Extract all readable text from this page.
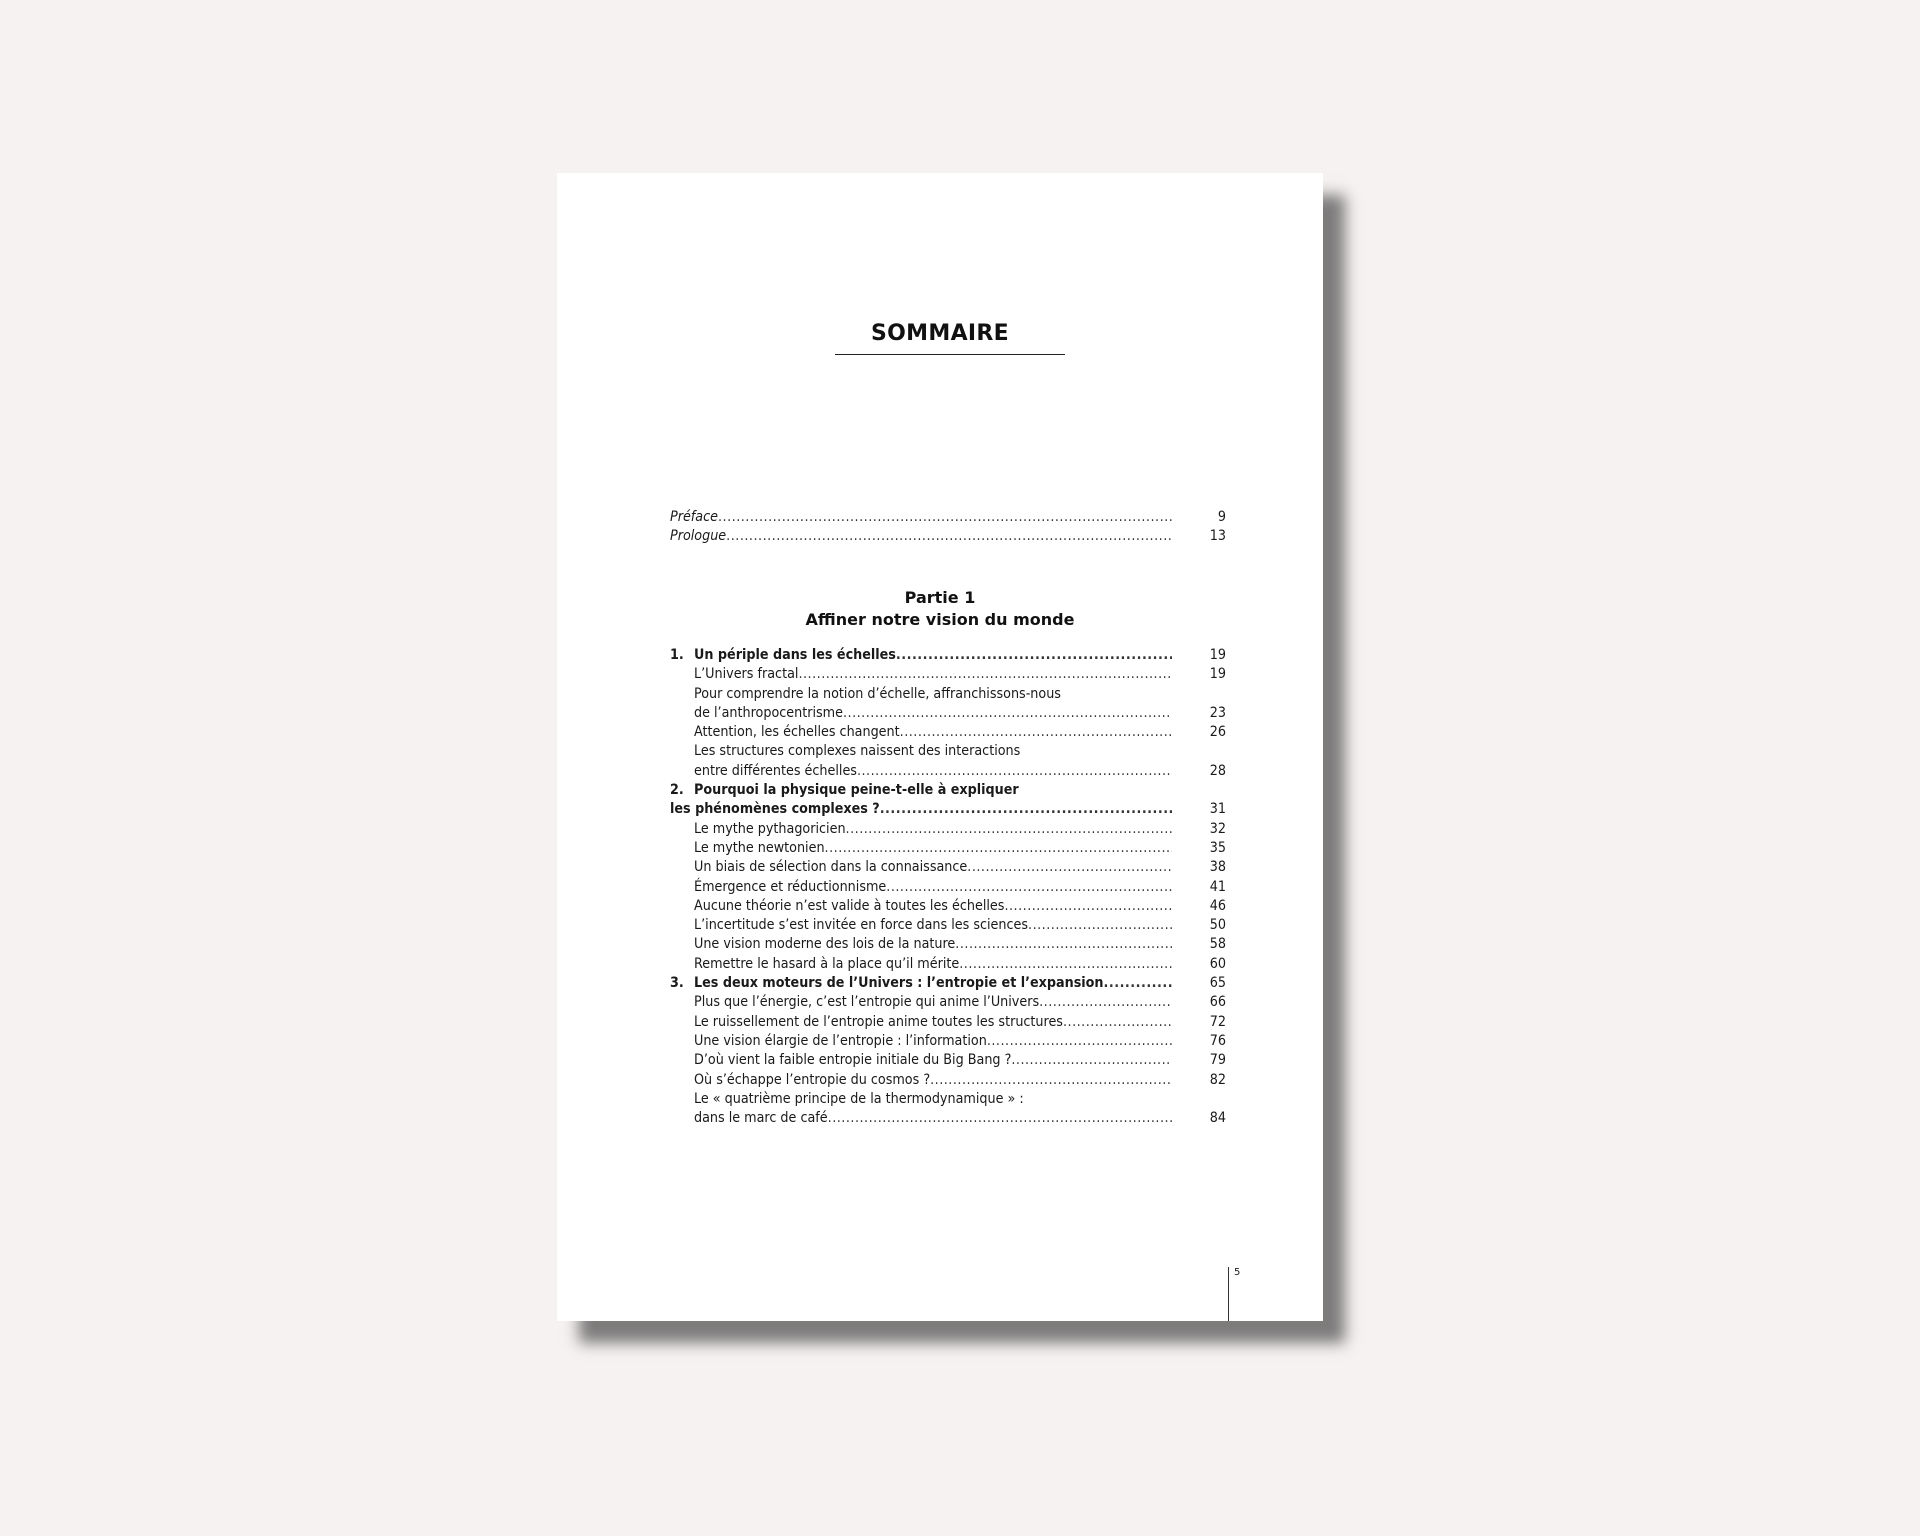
SOMMAIRE
Préface .....	9
Prologue .....	13
Partie 1
Affiner notre vision du monde
1. Un périple dans les échelles .....	19
L’Univers fractal .....	19
Pour comprendre la notion d’échelle, affranchissons-nous
de l’anthropocentrisme .....	23
Attention, les échelles changent .....	26
Les structures complexes naissent des interactions
entre différentes échelles .....	28
2. Pourquoi la physique peine-t-elle à expliquer
les phénomènes complexes ? .....	31
Le mythe pythagoricien .....	32
Le mythe newtonien .....	35
Un biais de sélection dans la connaissance .....	38
Émergence et réductionnisme .....	41
Aucune théorie n’est valide à toutes les échelles .....	46
L’incertitude s’est invitée en force dans les sciences .....	50
Une vision moderne des lois de la nature .....	58
Remettre le hasard à la place qu’il mérite .....	60
3. Les deux moteurs de l’Univers : l’entropie et l’expansion .....	65
Plus que l’énergie, c’est l’entropie qui anime l’Univers .....	66
Le ruissellement de l’entropie anime toutes les structures .....	72
Une vision élargie de l’entropie : l’information .....	76
D’où vient la faible entropie initiale du Big Bang ? .....	79
Où s’échappe l’entropie du cosmos ? .....	82
Le « quatrième principe de la thermodynamique » :
dans le marc de café .....	84
5
